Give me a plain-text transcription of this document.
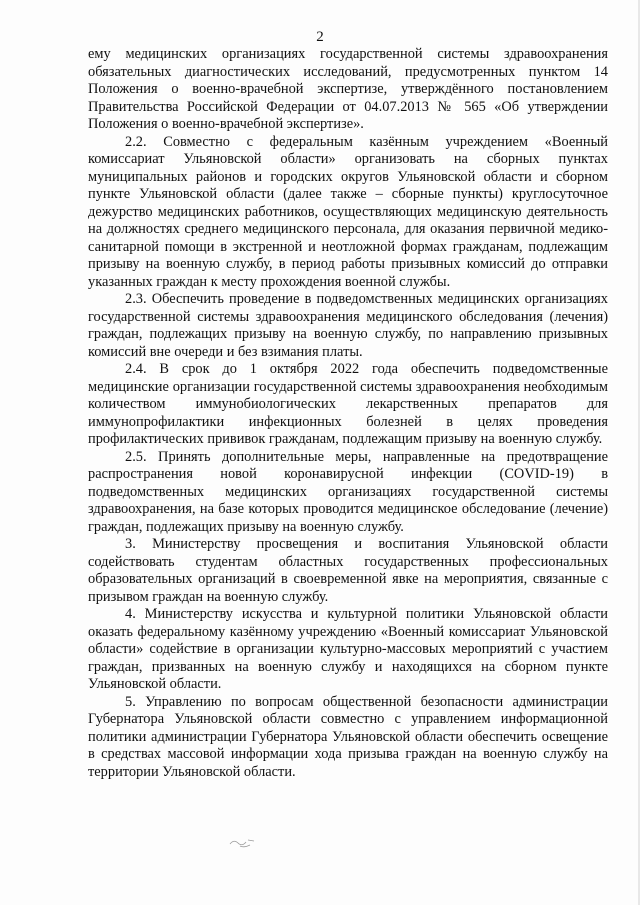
2

ему медицинских организациях государственной системы здравоохранения обязательных диагностических исследований, предусмотренных пунктом 14 Положения о военно-врачебной экспертизе, утверждённого постановлением Правительства Российской Федерации от 04.07.2013 № 565 «Об утверждении Положения о военно-врачебной экспертизе».

2.2. Совместно с федеральным казённым учреждением «Военный комиссариат Ульяновской области» организовать на сборных пунктах муниципальных районов и городских округов Ульяновской области и сборном пункте Ульяновской области (далее также – сборные пункты) круглосуточное дежурство медицинских работников, осуществляющих медицинскую деятельность на должностях среднего медицинского персонала, для оказания первичной медико-санитарной помощи в экстренной и неотложной формах гражданам, подлежащим призыву на военную службу, в период работы призывных комиссий до отправки указанных граждан к месту прохождения военной службы.

2.3. Обеспечить проведение в подведомственных медицинских организациях государственной системы здравоохранения медицинского обследования (лечения) граждан, подлежащих призыву на военную службу, по направлению призывных комиссий вне очереди и без взимания платы.

2.4. В срок до 1 октября 2022 года обеспечить подведомственные медицинские организации государственной системы здравоохранения необходимым количеством иммунобиологических лекарственных препаратов для иммунопрофилактики инфекционных болезней в целях проведения профилактических прививок гражданам, подлежащим призыву на военную службу.

2.5. Принять дополнительные меры, направленные на предотвращение распространения новой коронавирусной инфекции (COVID-19) в подведомственных медицинских организациях государственной системы здравоохранения, на базе которых проводится медицинское обследование (лечение) граждан, подлежащих призыву на военную службу.

3. Министерству просвещения и воспитания Ульяновской области содействовать студентам областных государственных профессиональных образовательных организаций в своевременной явке на мероприятия, связанные с призывом граждан на военную службу.

4. Министерству искусства и культурной политики Ульяновской области оказать федеральному казённому учреждению «Военный комиссариат Ульяновской области» содействие в организации культурно-массовых мероприятий с участием граждан, призванных на военную службу и находящихся на сборном пункте Ульяновской области.

5. Управлению по вопросам общественной безопасности администрации Губернатора Ульяновской области совместно с управлением информационной политики администрации Губернатора Ульяновской области обеспечить освещение в средствах массовой информации хода призыва граждан на военную службу на территории Ульяновской области.
